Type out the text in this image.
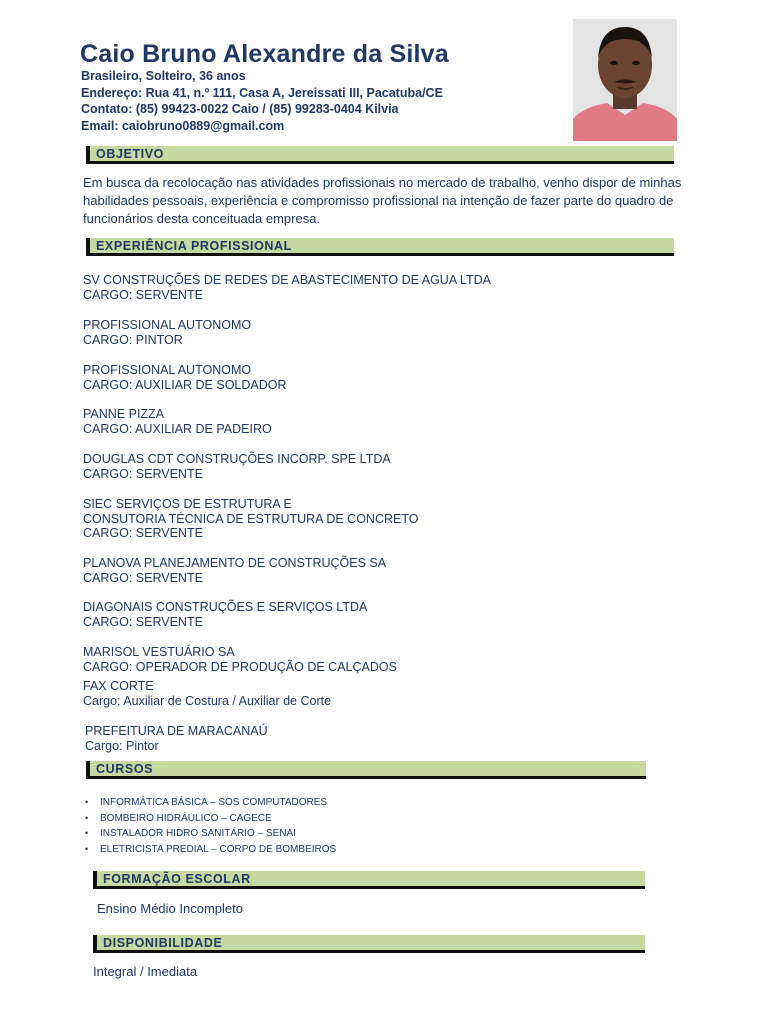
Caio Bruno Alexandre da Silva
Brasileiro, Solteiro, 36 anos
Endereço: Rua 41, n.º 111, Casa A, Jereissati III, Pacatuba/CE
Contato: (85) 99423-0022 Caio / (85) 99283-0404 Kilvia
Email: caiobruno0889@gmail.com
OBJETIVO
Em busca da recolocação nas atividades profissionais no mercado de trabalho, venho dispor de minhas habilidades pessoais, experiência e compromisso profissional na intenção de fazer parte do quadro de funcionários desta conceituada empresa.
EXPERIÊNCIA PROFISSIONAL
SV CONSTRUÇÕES DE REDES DE ABASTECIMENTO DE AGUA LTDA
CARGO: SERVENTE
PROFISSIONAL AUTONOMO
CARGO: PINTOR
PROFISSIONAL AUTONOMO
CARGO: AUXILIAR DE SOLDADOR
PANNE PIZZA
CARGO: AUXILIAR DE PADEIRO
DOUGLAS CDT CONSTRUÇÕES INCORP. SPE LTDA
CARGO: SERVENTE
SIEC SERVIÇOS DE ESTRUTURA E
CONSUTORIA TÉCNICA DE ESTRUTURA DE CONCRETO
CARGO: SERVENTE
PLANOVA PLANEJAMENTO DE CONSTRUÇÕES SA
CARGO: SERVENTE
DIAGONAIS CONSTRUÇÕES E SERVIÇOS LTDA
CARGO: SERVENTE
MARISOL VESTUÁRIO SA
CARGO: OPERADOR DE PRODUÇÃO DE CALÇADOS
FAX CORTE
Cargo: Auxiliar de Costura / Auxiliar de Corte
PREFEITURA DE MARACANAÚ
Cargo: Pintor
CURSOS
• INFORMÁTICA BÁSICA – SOS COMPUTADORES
• BOMBEIRO HIDRÁULICO – CAGECE
• INSTALADOR HIDRO SANITÁRIO – SENAI
• ELETRICISTA PREDIAL – CORPO DE BOMBEIROS
FORMAÇÃO ESCOLAR
Ensino Médio Incompleto
DISPONIBILIDADE
Integral / Imediata
